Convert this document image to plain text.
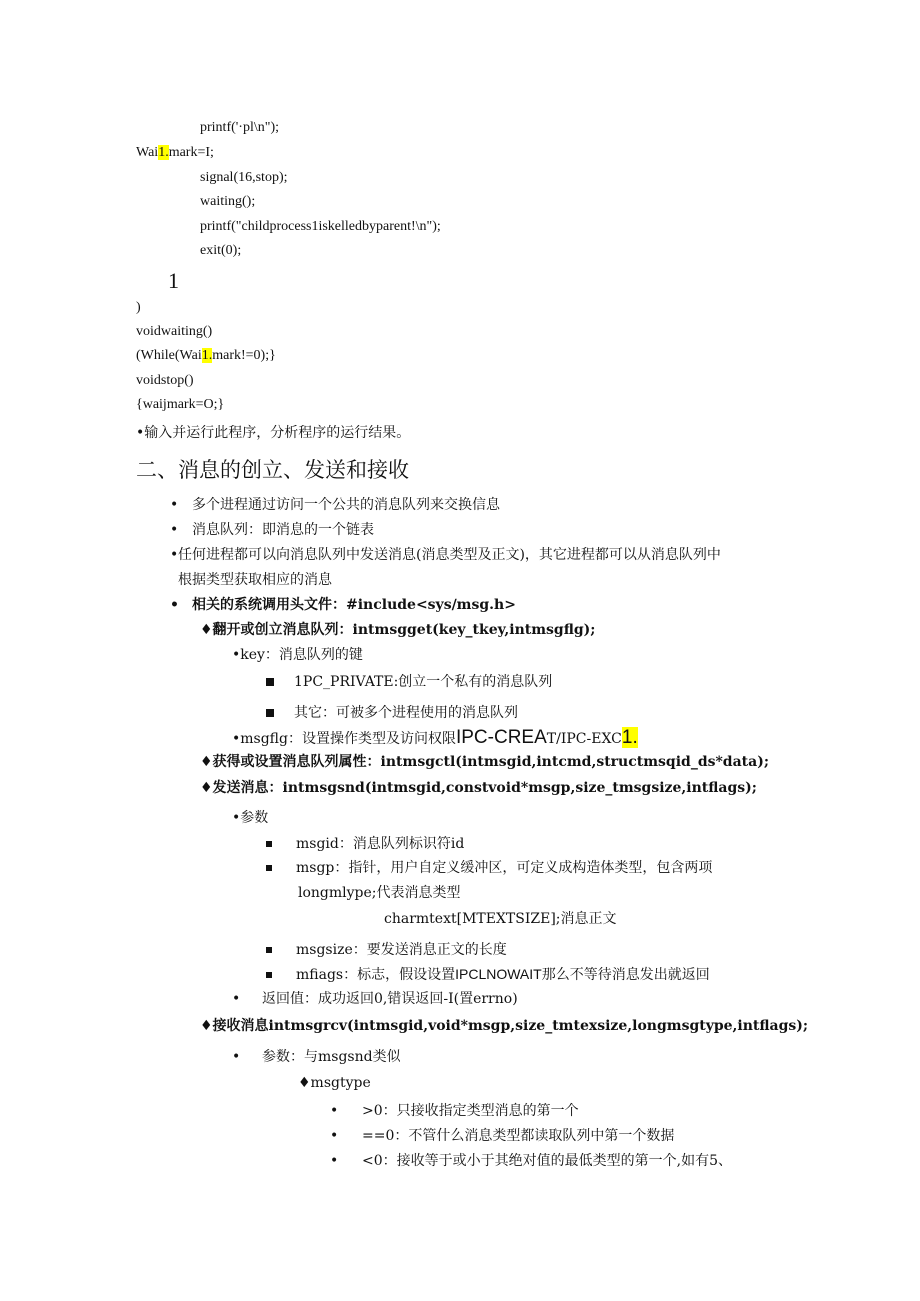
printf('·pl\n");
Wai1.mark=I;
signal(16,stop);
waiting();
printf("childprocess1iskelledbyparent!\n");
exit(0);
1
)
voidwaiting()
(While(Wai1.mark!=0);}
voidstop()
{waijmark=O;}
•输入并运行此程序，分析程序的运行结果。
二、消息的创立、发送和接收
• 多个进程通过访问一个公共的消息队列来交换信息
• 消息队列：即消息的一个链表
•任何进程都可以向消息队列中发送消息(消息类型及正文)，其它进程都可以从消息队列中
根据类型获取相应的消息
• 相关的系统调用头文件：#include<sys∕msg.h>
♦翻开或创立消息队列：intmsgget(key_tkey,intmsgflg);
•key：消息队列的键
1PC_PRIVATE:创立一个私有的消息队列
其它：可被多个进程使用的消息队列
•msgflg：设置操作类型及访问权限IPC-CREAT/IPC-EXC1.
♦获得或设置消息队列属性：intmsgctl(intmsgid,intcmd,structmsqid_ds*data);
♦发送消息：intmsgsnd(intmsgid,constvoid*msgp,size_tmsgsize,intflags);
•参数
msgid：消息队列标识符id
msgp：指针，用户自定义缓冲区，可定义成构造体类型，包含两项
longmlype;代表消息类型
charmtext[MTEXTSIZE];消息正文
msgsize：要发送消息正文的长度
mfiags：标志，假设设置IPCLNOWAIT那么不等待消息发出就返回
• 返回值：成功返回0,错误返回-I(置errno)
♦接收消息intmsgrcv(intmsgid,void*msgp,size_tmtexsize,longmsgtype,intflags);
• 参数：与msgsnd类似
♦msgtype
• >0：只接收指定类型消息的第一个
• ==0：不管什么消息类型都读取队列中第一个数据
• <0：接收等于或小于其绝对值的最低类型的第一个,如有5、
